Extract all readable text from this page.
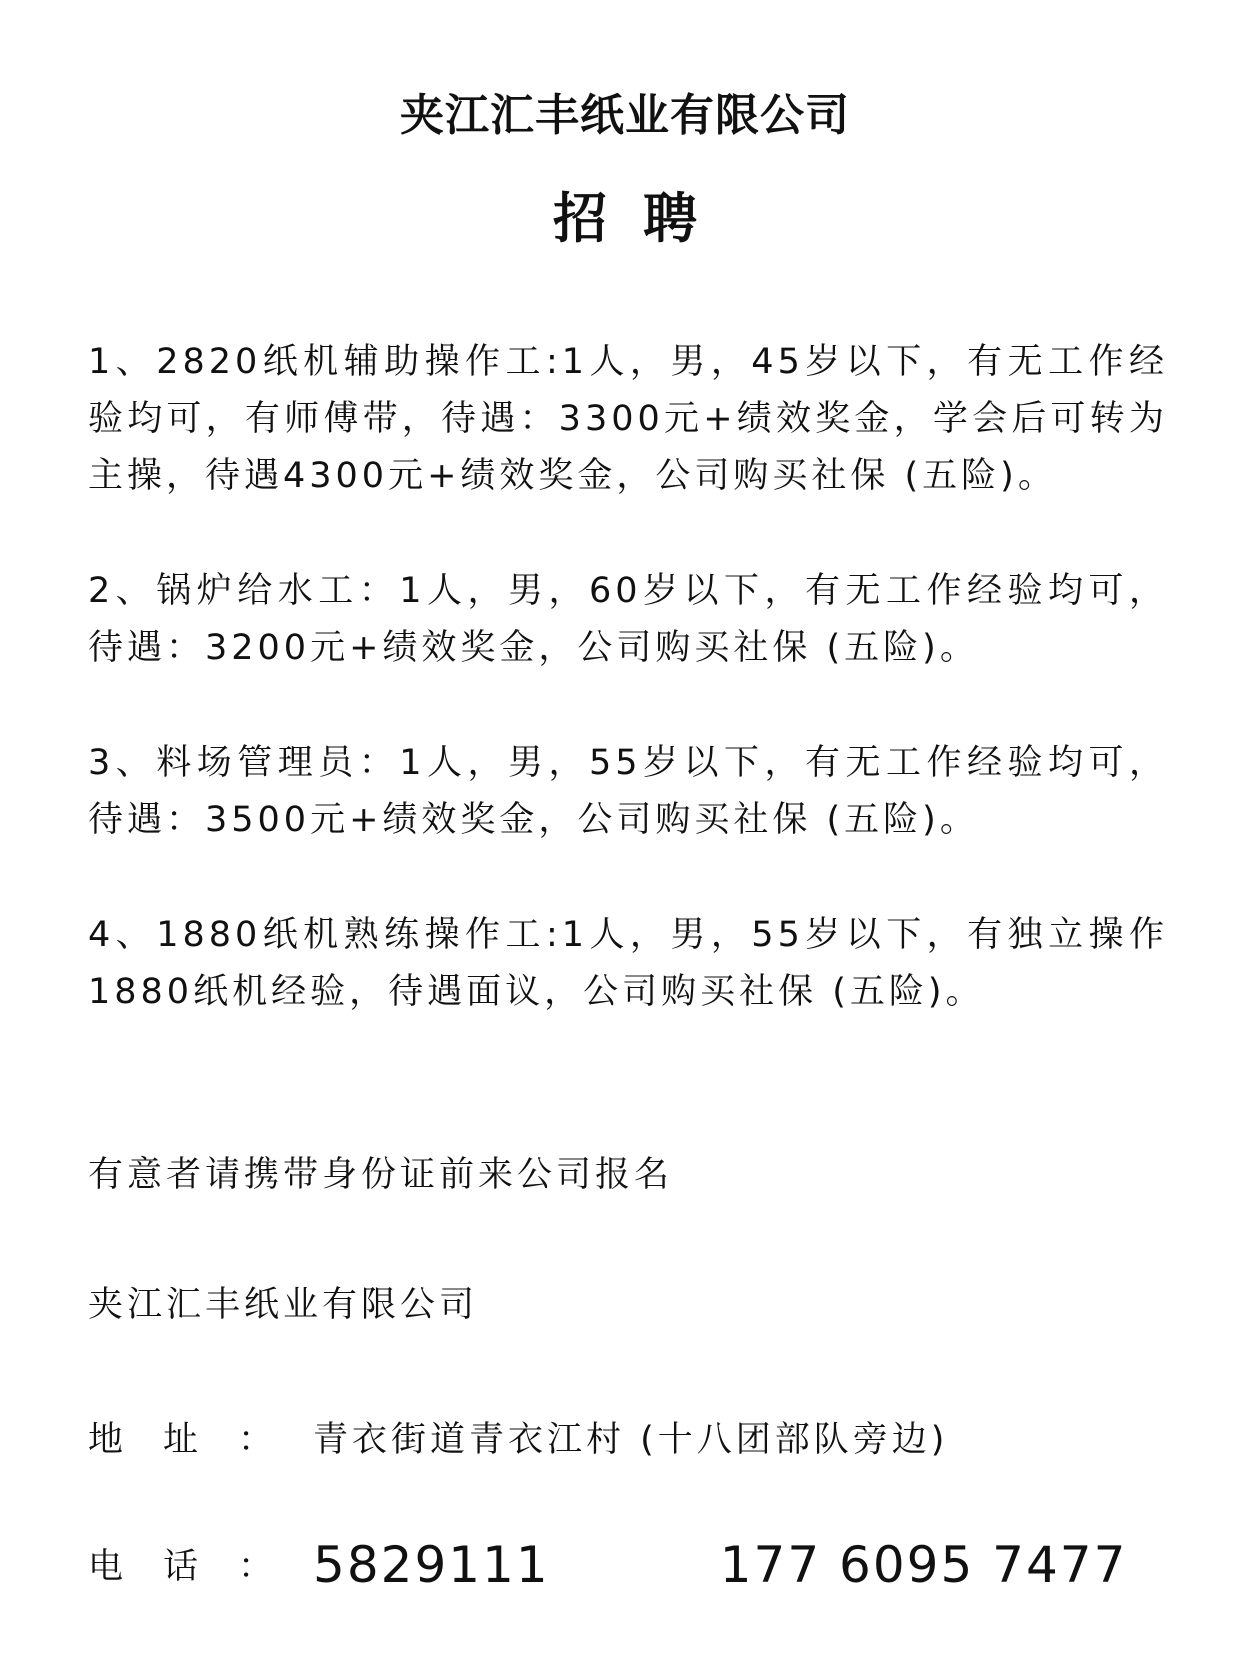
夹江汇丰纸业有限公司
招聘

1、2820纸机辅助操作工:1人，男，45岁以下，有无工作经验均可，有师傅带，待遇：3300元+绩效奖金，学会后可转为主操，待遇4300元+绩效奖金，公司购买社保 (五险)。

2、锅炉给水工：1人，男，60岁以下，有无工作经验均可，待遇：3200元+绩效奖金，公司购买社保 (五险)。

3、料场管理员：1人，男，55岁以下，有无工作经验均可，待遇：3500元+绩效奖金，公司购买社保 (五险)。

4、1880纸机熟练操作工:1人，男，55岁以下，有独立操作1880纸机经验，待遇面议，公司购买社保 (五险)。

有意者请携带身份证前来公司报名
夹江汇丰纸业有限公司
地址：青衣街道青衣江村 (十八团部队旁边)
电话：5829111	177 6095 7477
